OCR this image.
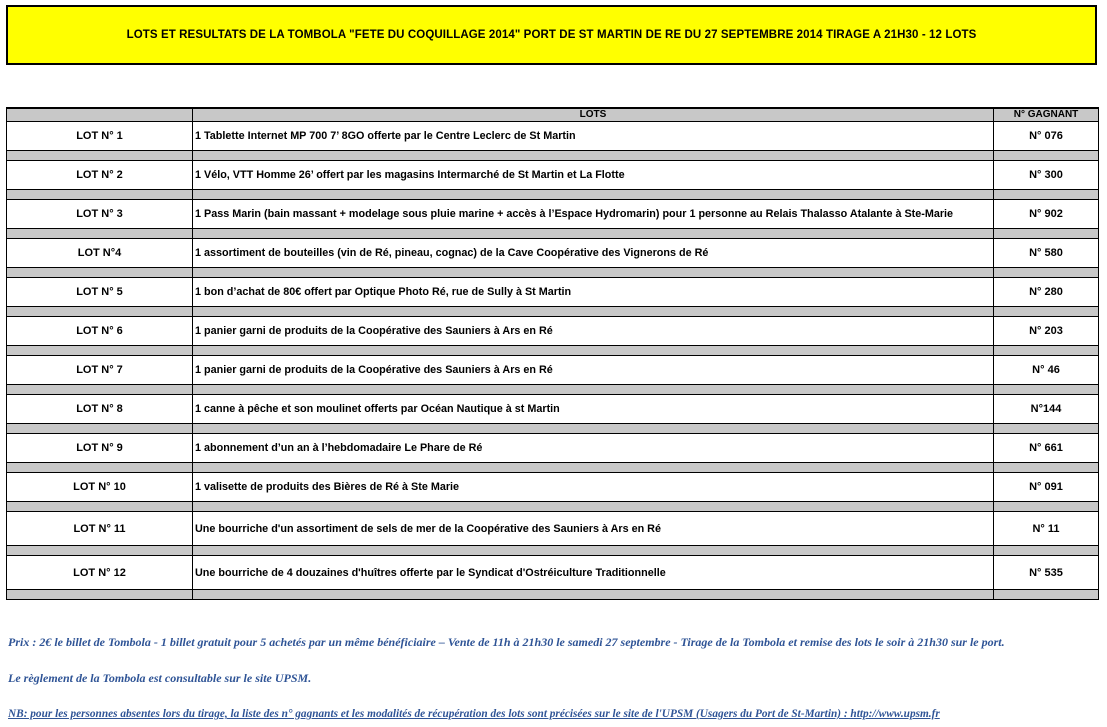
LOTS ET RESULTATS DE LA TOMBOLA "FETE DU COQUILLAGE 2014" PORT DE ST MARTIN DE RE DU 27 SEPTEMBRE 2014 TIRAGE A 21H30 - 12 LOTS
	LOTS	N° GAGNANT
LOT N° 1	1 Tablette Internet MP 700 7’ 8GO offerte par le Centre Leclerc de St Martin	N° 076

LOT N° 2	1 Vélo, VTT Homme 26’ offert par les magasins Intermarché de St Martin et La Flotte	N° 300

LOT N° 3	1 Pass Marin (bain massant + modelage sous pluie marine + accès à l’Espace Hydromarin) pour 1 personne au Relais Thalasso Atalante à Ste-Marie	N° 902

LOT N°4	1 assortiment de bouteilles (vin de Ré, pineau, cognac) de la Cave Coopérative des Vignerons de Ré	N° 580

LOT N° 5	1 bon d’achat de 80€ offert par Optique Photo Ré, rue de Sully à St Martin	N° 280

LOT N° 6	1 panier garni de produits de la Coopérative des Sauniers à Ars en Ré	N° 203

LOT N° 7	1 panier garni de produits de la Coopérative des Sauniers à Ars en Ré	N° 46

LOT N° 8	1 canne à pêche et son moulinet offerts par Océan Nautique à st Martin	N°144

LOT N° 9	1 abonnement d’un an à l’hebdomadaire Le Phare de Ré	N° 661

LOT N° 10	1 valisette de produits des Bières de Ré à Ste Marie	N° 091

LOT N° 11	Une bourriche d'un assortiment de sels de mer de la Coopérative des Sauniers à Ars en Ré	N° 11

LOT N° 12	Une bourriche de 4 douzaines d'huîtres offerte par le Syndicat d'Ostréiculture Traditionnelle	N° 535

Prix : 2€ le billet de Tombola - 1 billet gratuit pour 5 achetés par un même bénéficiaire – Vente de 11h à 21h30 le samedi 27 septembre - Tirage de la Tombola et remise des lots le soir à 21h30 sur le port.
Le règlement de la Tombola est consultable sur le site UPSM.
NB: pour les personnes absentes lors du tirage, la liste des n° gagnants et les modalités de récupération des lots sont précisées sur le site de l'UPSM (Usagers du Port de St-Martin) : http://www.upsm.fr
